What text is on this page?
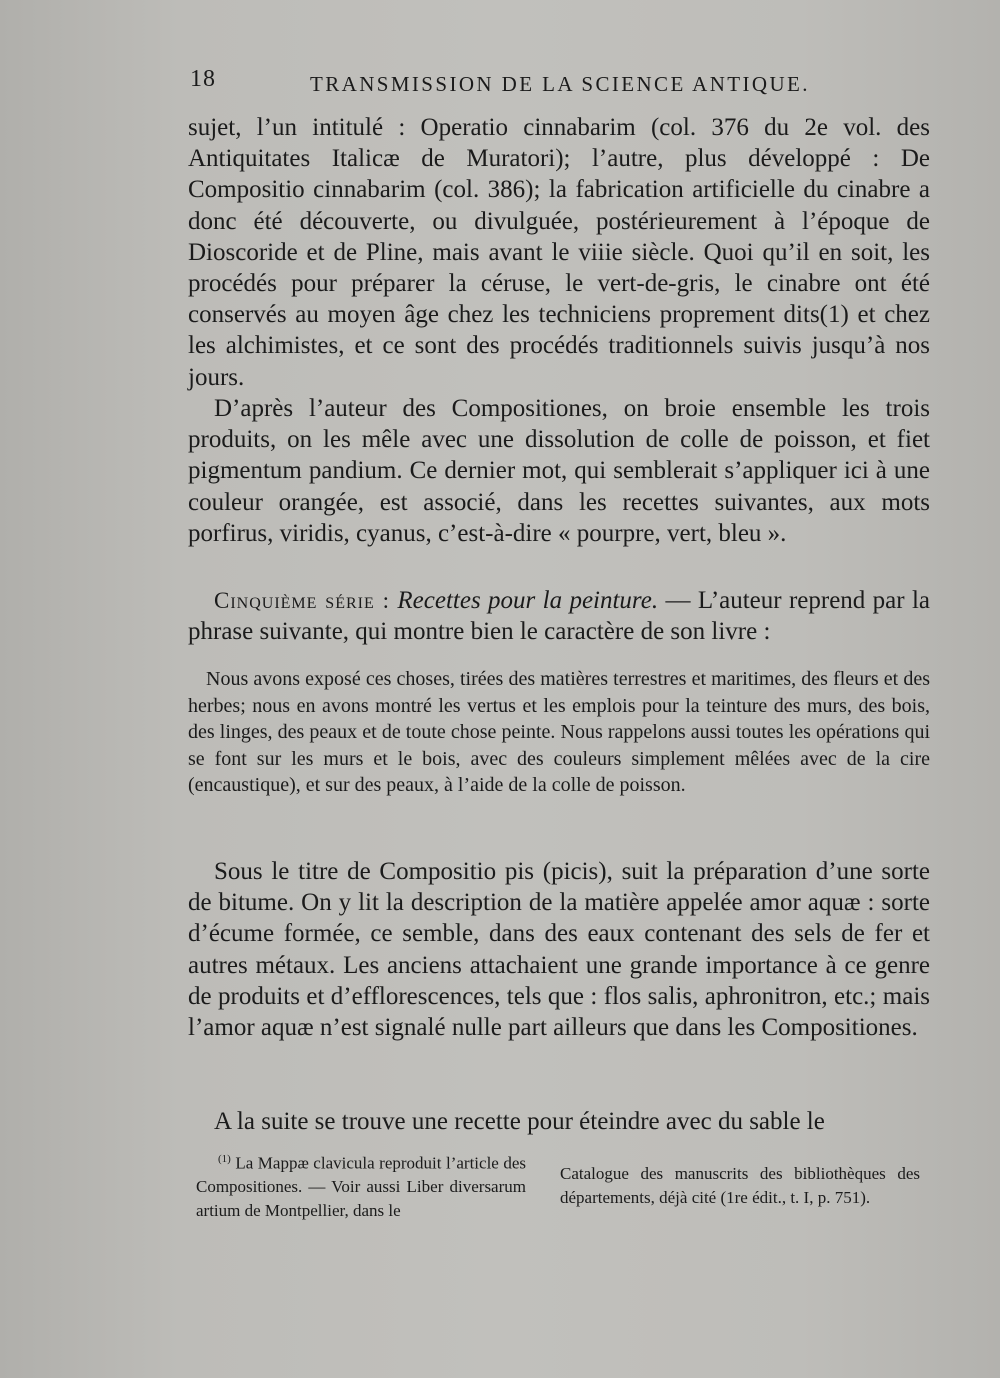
18	TRANSMISSION DE LA SCIENCE ANTIQUE.

sujet, l’un intitulé : Operatio cinnabarim (col. 376 du 2e vol. des Antiquitates Italicæ de Muratori); l’autre, plus développé : De Compositio cinnabarim (col. 386); la fabrication artificielle du cinabre a donc été découverte, ou divulguée, postérieurement à l’époque de Dioscoride et de Pline, mais avant le viiie siècle. Quoi qu’il en soit, les procédés pour préparer la céruse, le vert-de-gris, le cinabre ont été conservés au moyen âge chez les techniciens proprement dits(1) et chez les alchimistes, et ce sont des procédés traditionnels suivis jusqu’à nos jours.

D’après l’auteur des Compositiones, on broie ensemble les trois produits, on les mêle avec une dissolution de colle de poisson, et fiet pigmentum pandium. Ce dernier mot, qui semblerait s’appliquer ici à une couleur orangée, est associé, dans les recettes suivantes, aux mots porfirus, viridis, cyanus, c’est-à-dire « pourpre, vert, bleu ».

Cinquième série : Recettes pour la peinture. — L’auteur reprend par la phrase suivante, qui montre bien le caractère de son livre :

Nous avons exposé ces choses, tirées des matières terrestres et maritimes, des fleurs et des herbes; nous en avons montré les vertus et les emplois pour la teinture des murs, des bois, des linges, des peaux et de toute chose peinte. Nous rappelons aussi toutes les opérations qui se font sur les murs et le bois, avec des couleurs simplement mêlées avec de la cire (encaustique), et sur des peaux, à l’aide de la colle de poisson.

Sous le titre de Compositio pis (picis), suit la préparation d’une sorte de bitume. On y lit la description de la matière appelée amor aquæ : sorte d’écume formée, ce semble, dans des eaux contenant des sels de fer et autres métaux. Les anciens attachaient une grande importance à ce genre de produits et d’efflorescences, tels que : flos salis, aphronitron, etc.; mais l’amor aquæ n’est signalé nulle part ailleurs que dans les Compositiones.

A la suite se trouve une recette pour éteindre avec du sable le

$^{(1)}$ La Mappæ clavicula reproduit l’article des Compositiones. — Voir aussi Liber diversarum artium de Montpellier, dans le
Catalogue des manuscrits des bibliothèques des départements, déjà cité (1re édit., t. I, p. 751).
